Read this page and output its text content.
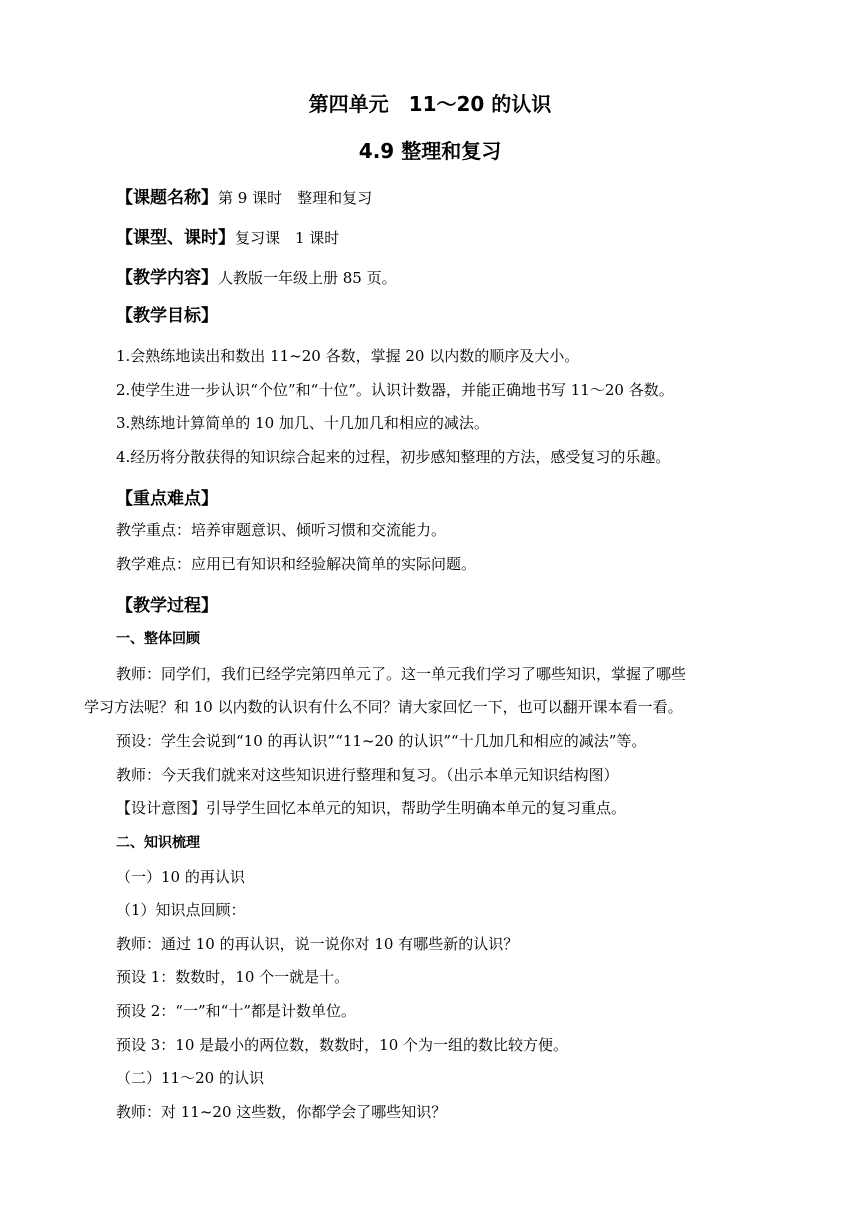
第四单元　11～20 的认识
4.9 整理和复习
【课题名称】第 9 课时　整理和复习
【课型、课时】复习课　1 课时
【教学内容】人教版一年级上册 85 页。
【教学目标】
1.会熟练地读出和数出 11~20 各数，掌握 20 以内数的顺序及大小。
2.使学生进一步认识“个位”和“十位”。认识计数器，并能正确地书写 11～20 各数。
3.熟练地计算简单的 10 加几、十几加几和相应的减法。
4.经历将分散获得的知识综合起来的过程，初步感知整理的方法，感受复习的乐趣。
【重点难点】
教学重点：培养审题意识、倾听习惯和交流能力。
教学难点：应用已有知识和经验解决简单的实际问题。
【教学过程】
一、整体回顾
教师：同学们，我们已经学完第四单元了。这一单元我们学习了哪些知识，掌握了哪些
学习方法呢？和 10 以内数的认识有什么不同？请大家回忆一下，也可以翻开课本看一看。
预设：学生会说到“10 的再认识”“11~20 的认识”“十几加几和相应的减法”等。
教师：今天我们就来对这些知识进行整理和复习。（出示本单元知识结构图）
【设计意图】引导学生回忆本单元的知识，帮助学生明确本单元的复习重点。
二、知识梳理
（一）10 的再认识
（1）知识点回顾：
教师：通过 10 的再认识，说一说你对 10 有哪些新的认识？
预设 1：数数时，10 个一就是十。
预设 2：“一”和“十”都是计数单位。
预设 3：10 是最小的两位数，数数时，10 个为一组的数比较方便。
（二）11～20 的认识
教师：对 11~20 这些数，你都学会了哪些知识？
